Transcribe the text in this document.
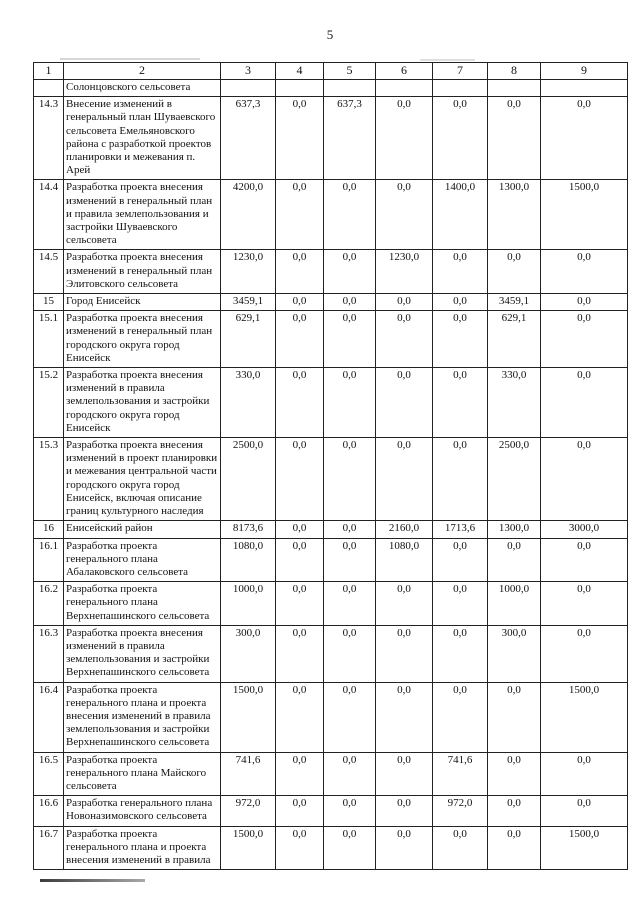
5
1	2	3	4	5	6	7	8	9
	Солонцовского сельсовета							
14.3	Внесение изменений в генеральный план Шуваевского сельсовета Емельяновского района с разработкой проектов планировки и межевания п. Арей	637,3	0,0	637,3	0,0	0,0	0,0	0,0
14.4	Разработка проекта внесения изменений в генеральный план и правила землепользования и застройки Шуваевского сельсовета	4200,0	0,0	0,0	0,0	1400,0	1300,0	1500,0
14.5	Разработка проекта внесения изменений в генеральный план Элитовского сельсовета	1230,0	0,0	0,0	1230,0	0,0	0,0	0,0
15	Город Енисейск	3459,1	0,0	0,0	0,0	0,0	3459,1	0,0
15.1	Разработка проекта внесения изменений в генеральный план городского округа город Енисейск	629,1	0,0	0,0	0,0	0,0	629,1	0,0
15.2	Разработка проекта внесения изменений в правила землепользования и застройки городского округа город Енисейск	330,0	0,0	0,0	0,0	0,0	330,0	0,0
15.3	Разработка проекта внесения изменений в проект планировки и межевания центральной части городского округа город Енисейск, включая описание границ культурного наследия	2500,0	0,0	0,0	0,0	0,0	2500,0	0,0
16	Енисейский район	8173,6	0,0	0,0	2160,0	1713,6	1300,0	3000,0
16.1	Разработка проекта генерального плана Абалаковского сельсовета	1080,0	0,0	0,0	1080,0	0,0	0,0	0,0
16.2	Разработка проекта генерального плана Верхнепашинского сельсовета	1000,0	0,0	0,0	0,0	0,0	1000,0	0,0
16.3	Разработка проекта внесения изменений в правила землепользования и застройки Верхнепашинского сельсовета	300,0	0,0	0,0	0,0	0,0	300,0	0,0
16.4	Разработка проекта генерального плана и проекта внесения изменений в правила землепользования и застройки Верхнепашинского сельсовета	1500,0	0,0	0,0	0,0	0,0	0,0	1500,0
16.5	Разработка проекта генерального плана Майского сельсовета	741,6	0,0	0,0	0,0	741,6	0,0	0,0
16.6	Разработка генерального плана Новоназимовского сельсовета	972,0	0,0	0,0	0,0	972,0	0,0	0,0
16.7	Разработка проекта генерального плана и проекта внесения изменений в правила	1500,0	0,0	0,0	0,0	0,0	0,0	1500,0
